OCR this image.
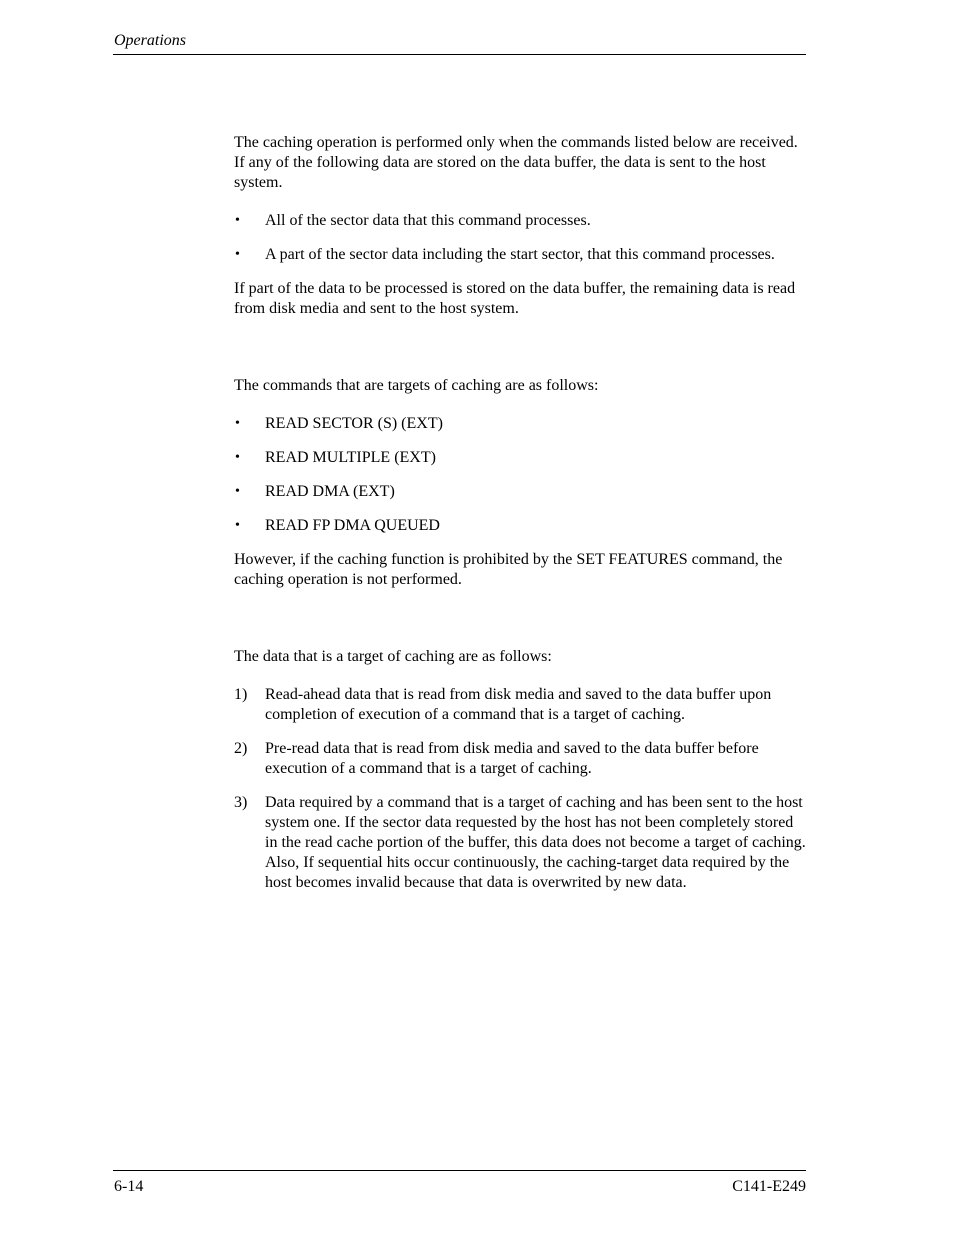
Operations

The caching operation is performed only when the commands listed below are received. If any of the following data are stored on the data buffer, the data is sent to the host system.

• All of the sector data that this command processes.
• A part of the sector data including the start sector, that this command processes.

If part of the data to be processed is stored on the data buffer, the remaining data is read from disk media and sent to the host system.

The commands that are targets of caching are as follows:

• READ SECTOR (S) (EXT)
• READ MULTIPLE (EXT)
• READ DMA (EXT)
• READ FP DMA QUEUED

However, if the caching function is prohibited by the SET FEATURES command, the caching operation is not performed.

The data that is a target of caching are as follows:

1) Read-ahead data that is read from disk media and saved to the data buffer upon completion of execution of a command that is a target of caching.
2) Pre-read data that is read from disk media and saved to the data buffer before execution of a command that is a target of caching.
3) Data required by a command that is a target of caching and has been sent to the host system one. If the sector data requested by the host has not been completely stored in the read cache portion of the buffer, this data does not become a target of caching. Also, If sequential hits occur continuously, the caching-target data required by the host becomes invalid because that data is overwrited by new data.
6-14	C141-E249
